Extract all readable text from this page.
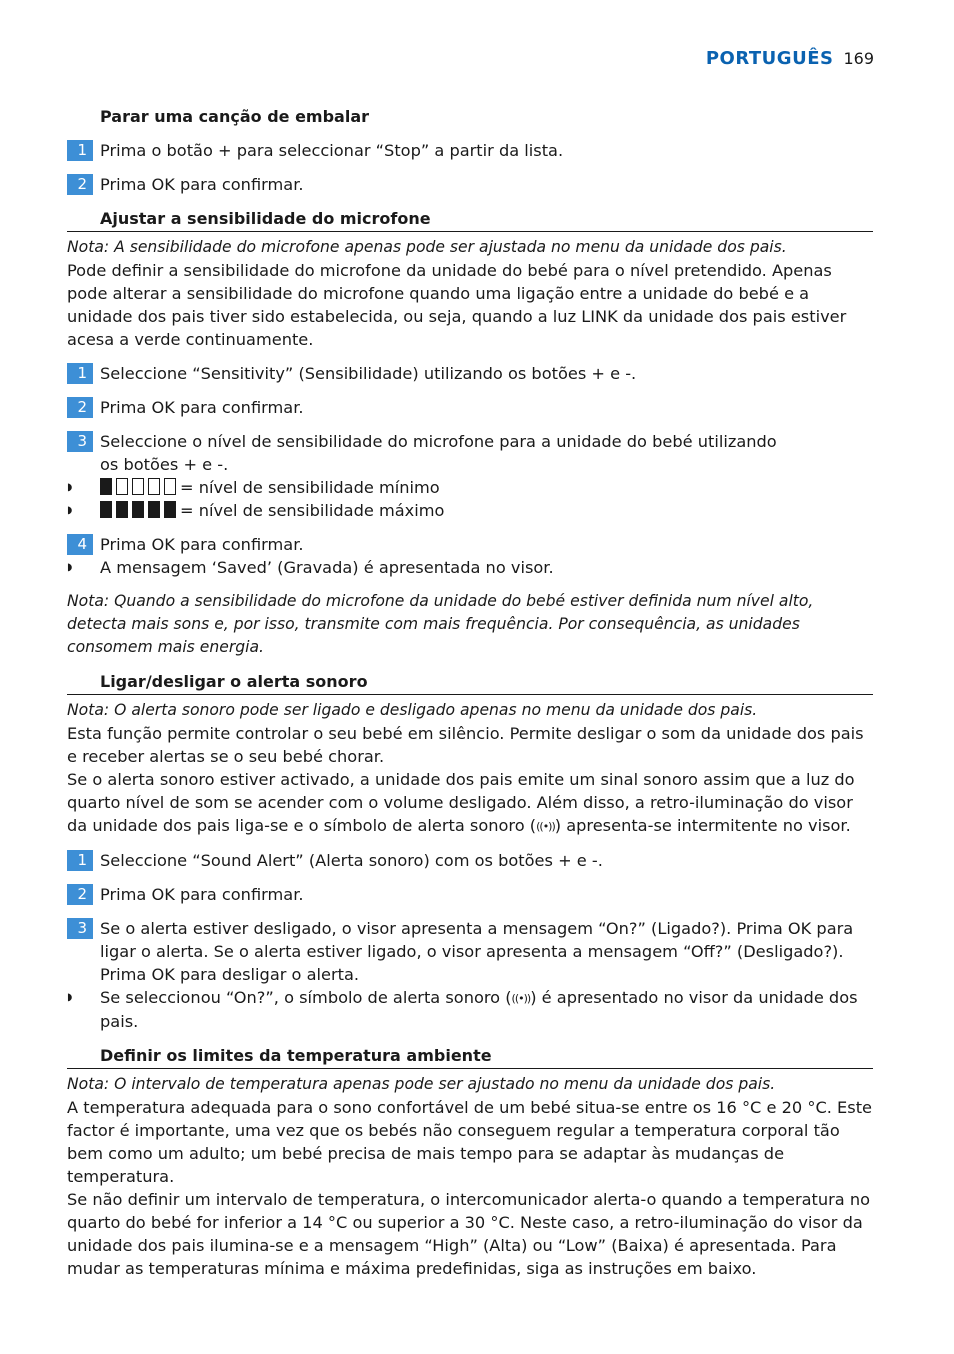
PORTUGUÊS 169
Parar uma canção de embalar
1 Prima o botão + para seleccionar “Stop” a partir da lista.
2 Prima OK para confirmar.
Ajustar a sensibilidade do microfone

Nota: A sensibilidade do microfone apenas pode ser ajustada no menu da unidade dos pais.

Pode definir a sensibilidade do microfone da unidade do bebé para o nível pretendido. Apenas pode alterar a sensibilidade do microfone quando uma ligação entre a unidade do bebé e a unidade dos pais tiver sido estabelecida, ou seja, quando a luz LINK da unidade dos pais estiver acesa a verde continuamente.

1 Seleccione “Sensitivity” (Sensibilidade) utilizando os botões + e -.
2 Prima OK para confirmar.
3 Seleccione o nível de sensibilidade do microfone para a unidade do bebé utilizando os botões + e -.
◗	= nível de sensibilidade mínimo
◗	= nível de sensibilidade máximo
4 Prima OK para confirmar.
◗	A mensagem ‘Saved’ (Gravada) é apresentada no visor.

Nota: Quando a sensibilidade do microfone da unidade do bebé estiver definida num nível alto, detecta mais sons e, por isso, transmite com mais frequência. Por consequência, as unidades consomem mais energia.

Ligar/desligar o alerta sonoro

Nota: O alerta sonoro pode ser ligado e desligado apenas no menu da unidade dos pais.

Esta função permite controlar o seu bebé em silêncio. Permite desligar o som da unidade dos pais e receber alertas se o seu bebé chorar.

Se o alerta sonoro estiver activado, a unidade dos pais emite um sinal sonoro assim que a luz do quarto nível de som se acender com o volume desligado. Além disso, a retro-iluminação do visor da unidade dos pais liga-se e o símbolo de alerta sonoro (((•))) apresenta-se intermitente no visor.

1 Seleccione “Sound Alert” (Alerta sonoro) com os botões + e -.
2 Prima OK para confirmar.
3 Se o alerta estiver desligado, o visor apresenta a mensagem “On?” (Ligado?). Prima OK para ligar o alerta. Se o alerta estiver ligado, o visor apresenta a mensagem “Off?” (Desligado?). Prima OK para desligar o alerta.
◗	Se seleccionou “On?”, o símbolo de alerta sonoro (((•))) é apresentado no visor da unidade dos pais.
Definir os limites da temperatura ambiente

Nota: O intervalo de temperatura apenas pode ser ajustado no menu da unidade dos pais.

A temperatura adequada para o sono confortável de um bebé situa-se entre os 16 °C e 20 °C. Este factor é importante, uma vez que os bebés não conseguem regular a temperatura corporal tão bem como um adulto; um bebé precisa de mais tempo para se adaptar às mudanças de temperatura.

Se não definir um intervalo de temperatura, o intercomunicador alerta-o quando a temperatura no quarto do bebé for inferior a 14 °C ou superior a 30 °C. Neste caso, a retro-iluminação do visor da unidade dos pais ilumina-se e a mensagem “High” (Alta) ou “Low” (Baixa) é apresentada. Para mudar as temperaturas mínima e máxima predefinidas, siga as instruções em baixo.
